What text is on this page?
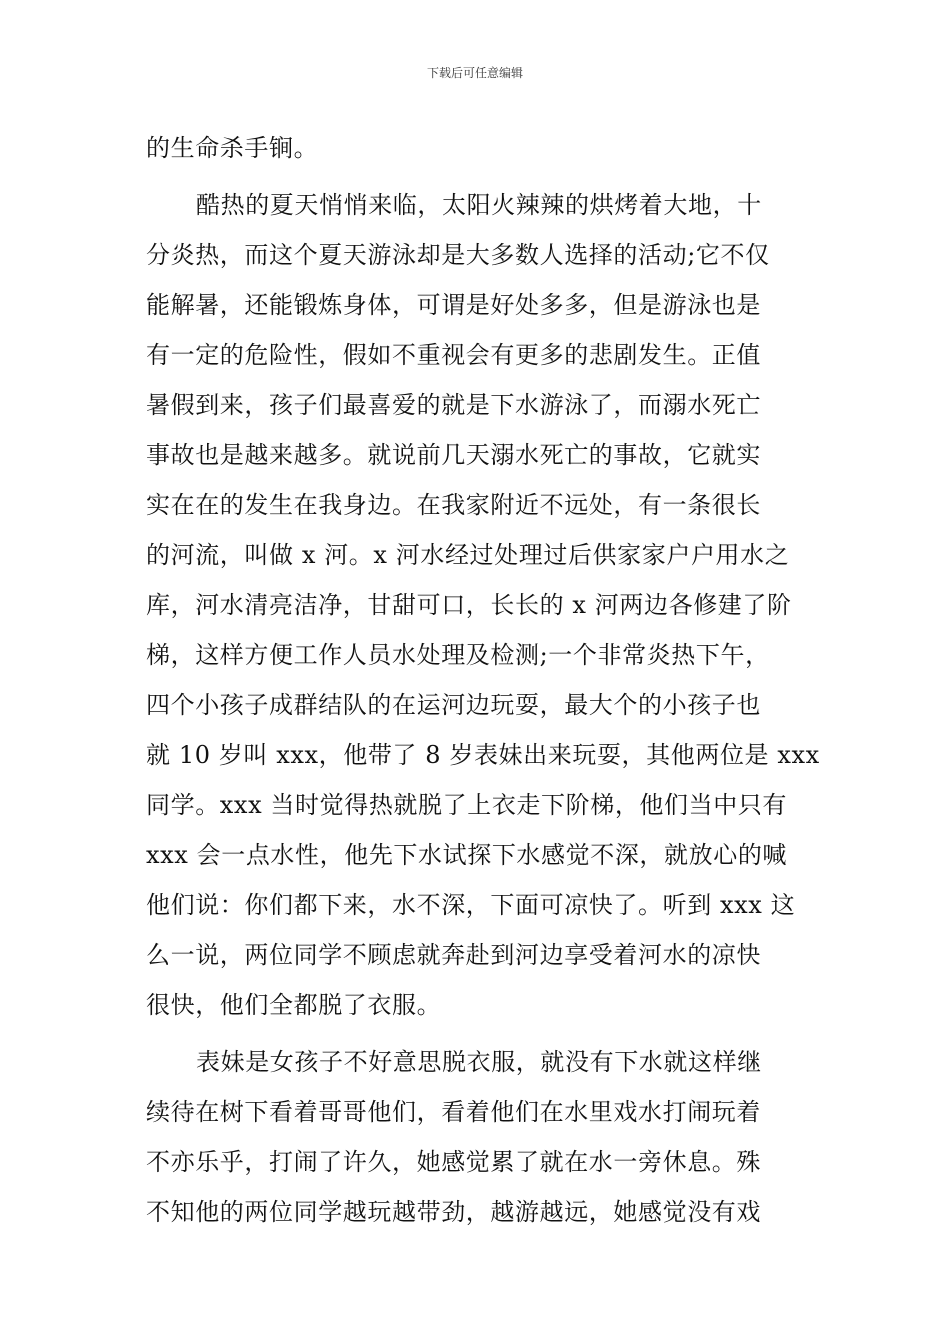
下载后可任意编辑
的生命杀手锏。
酷热的夏天悄悄来临，太阳火辣辣的烘烤着大地，十
分炎热，而这个夏天游泳却是大多数人选择的活动;它不仅
能解暑，还能锻炼身体，可谓是好处多多，但是游泳也是
有一定的危险性，假如不重视会有更多的悲剧发生。正值
暑假到来，孩子们最喜爱的就是下水游泳了，而溺水死亡
事故也是越来越多。就说前几天溺水死亡的事故，它就实
实在在的发生在我身边。在我家附近不远处，有一条很长
的河流，叫做 x 河。x 河水经过处理过后供家家户户用水之
库，河水清亮洁净，甘甜可口，长长的 x 河两边各修建了阶
梯，这样方便工作人员水处理及检测;一个非常炎热下午，
四个小孩子成群结队的在运河边玩耍，最大个的小孩子也
就 10 岁叫 xxx，他带了 8 岁表妹出来玩耍，其他两位是 xxx
同学。xxx 当时觉得热就脱了上衣走下阶梯，他们当中只有
xxx 会一点水性，他先下水试探下水感觉不深，就放心的喊
他们说：你们都下来，水不深，下面可凉快了。听到 xxx 这
么一说，两位同学不顾虑就奔赴到河边享受着河水的凉快
很快，他们全都脱了衣服。
表妹是女孩子不好意思脱衣服，就没有下水就这样继
续待在树下看着哥哥他们，看着他们在水里戏水打闹玩着
不亦乐乎，打闹了许久，她感觉累了就在水一旁休息。殊
不知他的两位同学越玩越带劲，越游越远，她感觉没有戏
